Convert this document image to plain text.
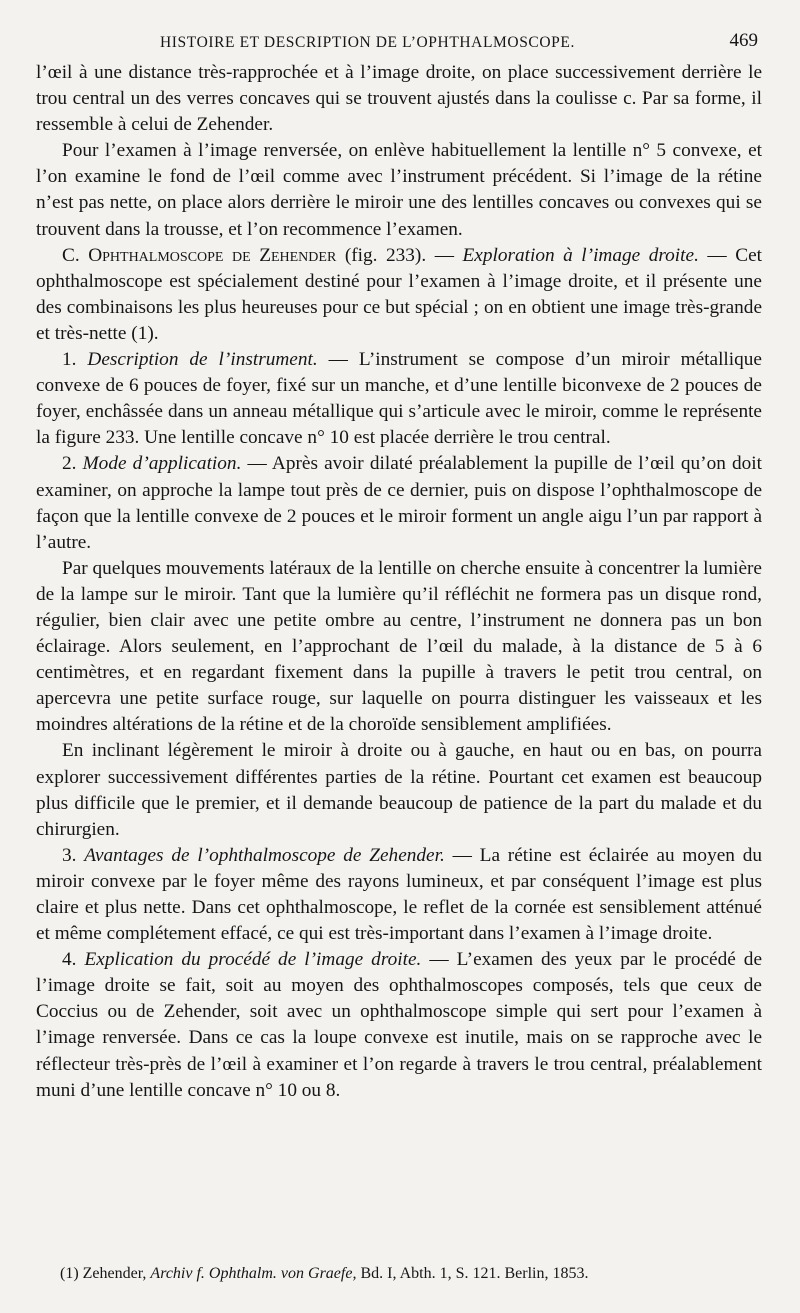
HISTOIRE ET DESCRIPTION DE L’OPHTHALMOSCOPE.	469

l’œil à une distance très-rapprochée et à l’image droite, on place successivement derrière le trou central un des verres concaves qui se trouvent ajustés dans la coulisse c. Par sa forme, il ressemble à celui de Zehender.

Pour l’examen à l’image renversée, on enlève habituellement la lentille n° 5 convexe, et l’on examine le fond de l’œil comme avec l’instrument précédent. Si l’image de la rétine n’est pas nette, on place alors derrière le miroir une des lentilles concaves ou convexes qui se trouvent dans la trousse, et l’on recommence l’examen.

C. Ophthalmoscope de Zehender (fig. 233). — Exploration à l’image droite. — Cet ophthalmoscope est spécialement destiné pour l’examen à l’image droite, et il présente une des combinaisons les plus heureuses pour ce but spécial ; on en obtient une image très-grande et très-nette (1).

1. Description de l’instrument. — L’instrument se compose d’un miroir métallique convexe de 6 pouces de foyer, fixé sur un manche, et d’une lentille biconvexe de 2 pouces de foyer, enchâssée dans un anneau métallique qui s’articule avec le miroir, comme le représente la figure 233. Une lentille concave n° 10 est placée derrière le trou central.

2. Mode d’application. — Après avoir dilaté préalablement la pupille de l’œil qu’on doit examiner, on approche la lampe tout près de ce dernier, puis on dispose l’ophthalmoscope de façon que la lentille convexe de 2 pouces et le miroir forment un angle aigu l’un par rapport à l’autre.

Par quelques mouvements latéraux de la lentille on cherche ensuite à concentrer la lumière de la lampe sur le miroir. Tant que la lumière qu’il réfléchit ne formera pas un disque rond, régulier, bien clair avec une petite ombre au centre, l’instrument ne donnera pas un bon éclairage. Alors seulement, en l’approchant de l’œil du malade, à la distance de 5 à 6 centimètres, et en regardant fixement dans la pupille à travers le petit trou central, on apercevra une petite surface rouge, sur laquelle on pourra distinguer les vaisseaux et les moindres altérations de la rétine et de la choroïde sensiblement amplifiées.

En inclinant légèrement le miroir à droite ou à gauche, en haut ou en bas, on pourra explorer successivement différentes parties de la rétine. Pourtant cet examen est beaucoup plus difficile que le premier, et il demande beaucoup de patience de la part du malade et du chirurgien.

3. Avantages de l’ophthalmoscope de Zehender. — La rétine est éclairée au moyen du miroir convexe par le foyer même des rayons lumineux, et par conséquent l’image est plus claire et plus nette. Dans cet ophthalmoscope, le reflet de la cornée est sensiblement atténué et même complétement effacé, ce qui est très-important dans l’examen à l’image droite.

4. Explication du procédé de l’image droite. — L’examen des yeux par le procédé de l’image droite se fait, soit au moyen des ophthalmoscopes composés, tels que ceux de Coccius ou de Zehender, soit avec un ophthalmoscope simple qui sert pour l’examen à l’image renversée. Dans ce cas la loupe convexe est inutile, mais on se rapproche avec le réflecteur très-près de l’œil à examiner et l’on regarde à travers le trou central, préalablement muni d’une lentille concave n° 10 ou 8.

(1) Zehender, Archiv f. Ophthalm. von Graefe, Bd. I, Abth. 1, S. 121. Berlin, 1853.
